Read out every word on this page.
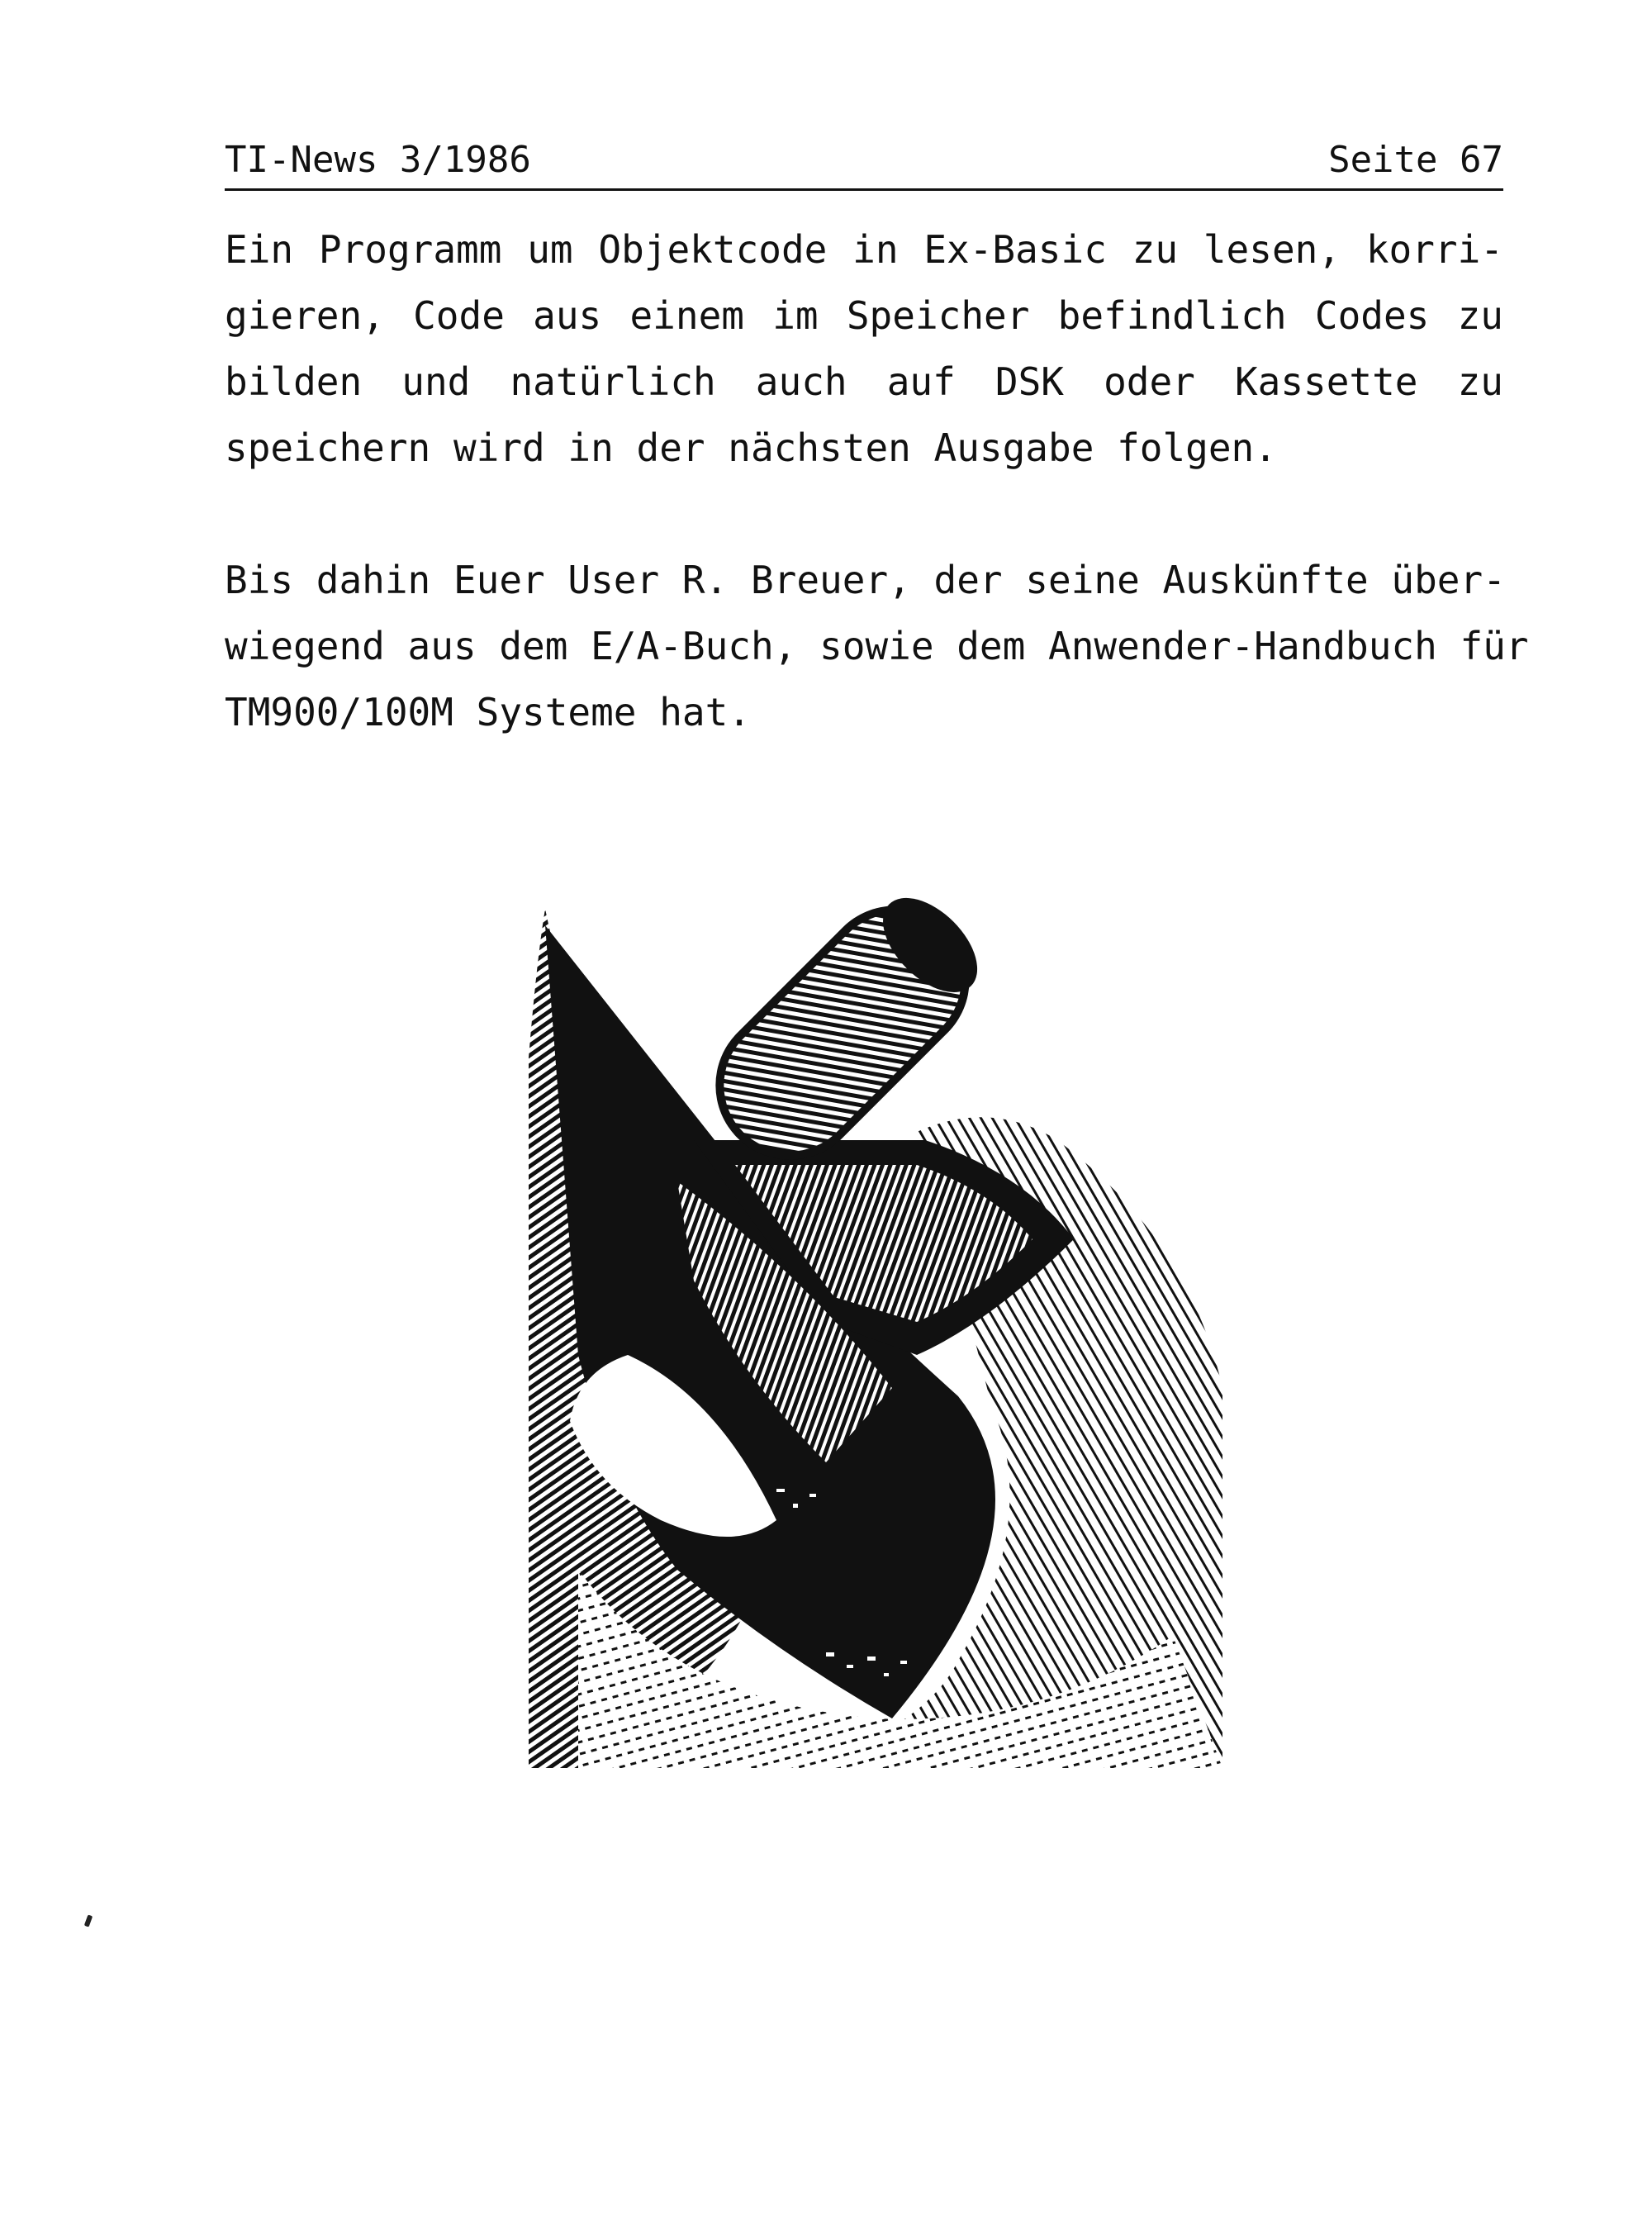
TI-News 3/1986	Seite 67
Ein Programm um Objektcode in Ex-Basic zu lesen, korri-
gieren, Code aus einem im Speicher befindlich Codes zu
bilden und natürlich auch auf DSK oder Kassette zu
speichern wird in der nächsten Ausgabe folgen.
Bis dahin Euer User R. Breuer, der seine Auskünfte über-
wiegend aus dem E/A-Buch, sowie dem Anwender-Handbuch für
TM900/100M Systeme hat.
